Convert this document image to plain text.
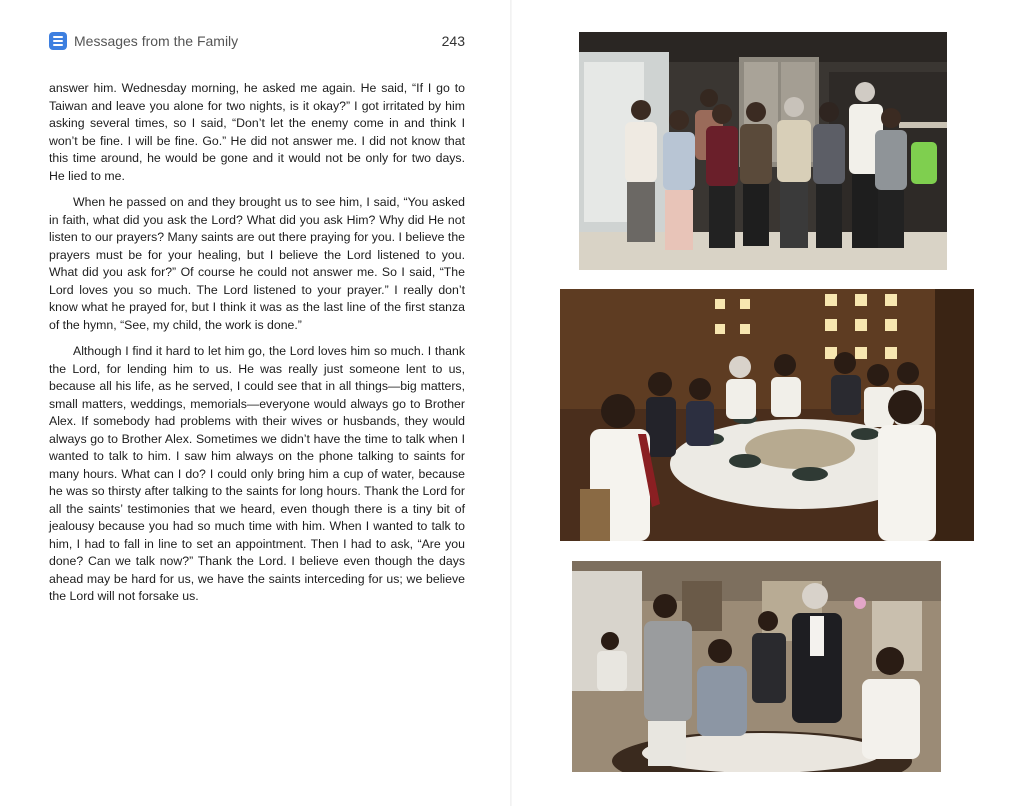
Messages from the Family	243

answer him. Wednesday morning, he asked me again. He said, “If I go to Taiwan and leave you alone for two nights, is it okay?” I got irritated by him asking several times, so I said, “Don’t let the enemy come in and think I won’t be fine. I will be fine. Go.” He did not answer me. I did not know that this time around, he would be gone and it would not be only for two days. He lied to me.

When he passed on and they brought us to see him, I said, “You asked in faith, what did you ask the Lord? What did you ask Him? Why did He not listen to our prayers? Many saints are out there praying for you. I believe the prayers must be for your healing, but I believe the Lord listened to you. What did you ask for?” Of course he could not answer me. So I said, “The Lord loves you so much. The Lord listened to your prayer.” I really don’t know what he prayed for, but I think it was as the last line of the first stanza of the hymn, “See, my child, the work is done.”

Although I find it hard to let him go, the Lord loves him so much. I thank the Lord, for lending him to us. He was really just someone lent to us, because all his life, as he served, I could see that in all things—big matters, small matters, weddings, memorials—everyone would always go to Brother Alex. If somebody had problems with their wives or husbands, they would always go to Brother Alex. Sometimes we didn’t have the time to talk when I wanted to talk to him. I saw him always on the phone talking to saints for many hours. What can I do? I could only bring him a cup of water, because he was so thirsty after talking to the saints for long hours. Thank the Lord for all the saints’ testimonies that we heard, even though there is a tiny bit of jealousy because you had so much time with him. When I wanted to talk to him, I had to fall in line to set an appointment. Then I had to ask, “Are you done? Can we talk now?” Thank the Lord. I believe even though the days ahead may be hard for us, we have the saints interceding for us; we believe the Lord will not forsake us.
